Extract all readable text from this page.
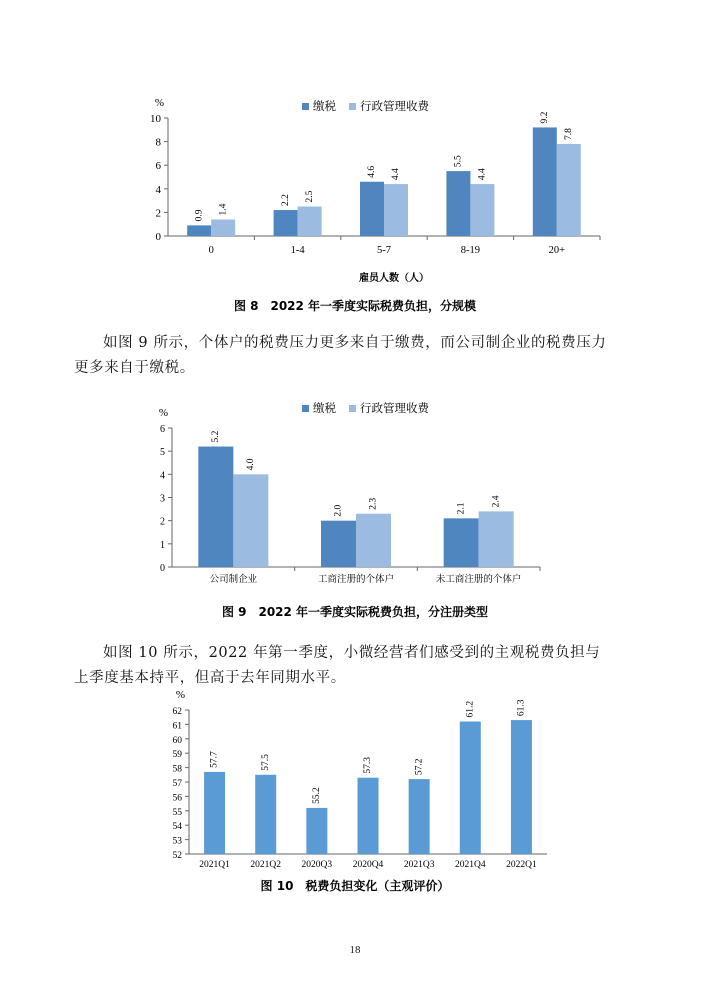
%
0
2
4
6
8
10
0.9 1.4
0
2.2 2.5
1-4
4.6 4.4
5-7
5.5
4.4
8-19
9.2
7.8
20+
缴税 行政管理收费
雇员人数（人）
图 8　2022 年一季度实际税费负担，分规模

如图 9 所示，个体户的税费压力更多来自于缴费，而公司制企业的税费压力更多来自于缴税。

%
0
1
2
3
4
5
6
5.2
4.0
公司制企业
2.0
2.3
工商注册的个体户
2.1
2.4
未工商注册的个体户
缴税 行政管理收费
图 9　2022 年一季度实际税费负担，分注册类型

如图 10 所示，2022 年第一季度，小微经营者们感受到的主观税费负担与上季度基本持平，但高于去年同期水平。

%
52
53
54
55
56
57
58
59
60
61
62
57.7
2021Q1
57.5
2021Q2
55.2
2020Q3
57.3
2020Q4
57.2
2021Q3
61.2
2021Q4
61.3
2022Q1
图 10　税费负担变化（主观评价）
18
